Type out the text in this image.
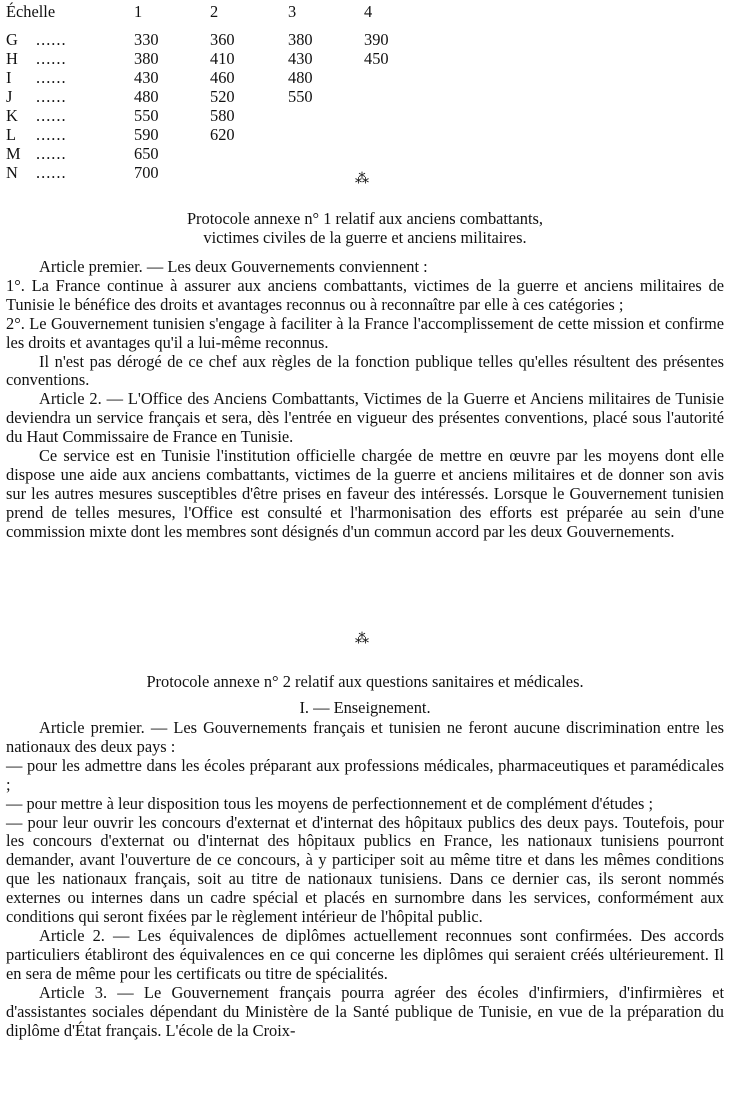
Échelle	1	2	3	4
G ......	330	360	380	390
H ......	380	410	430	450
I ......	430	460	480
J ......	480	520	550
K ......	550	580
L ......	590	620
M ......	650
N ......	700	⁂
Protocole annexe n° 1 relatif aux anciens combattants,
victimes civiles de la guerre et anciens militaires.

Article premier. — Les deux Gouvernements conviennent :

1°. La France continue à assurer aux anciens combattants, victimes de la guerre et anciens militaires de Tunisie le bénéfice des droits et avantages reconnus ou à reconnaître par elle à ces catégories ;

2°. Le Gouvernement tunisien s'engage à faciliter à la France l'accomplissement de cette mission et confirme les droits et avantages qu'il a lui-même reconnus.

Il n'est pas dérogé de ce chef aux règles de la fonction publique telles qu'elles résultent des présentes conventions.

Article 2. — L'Office des Anciens Combattants, Victimes de la Guerre et Anciens militaires de Tunisie deviendra un service français et sera, dès l'entrée en vigueur des présentes conventions, placé sous l'autorité du Haut Commissaire de France en Tunisie.

Ce service est en Tunisie l'institution officielle chargée de mettre en œuvre par les moyens dont elle dispose une aide aux anciens combattants, victimes de la guerre et anciens militaires et de donner son avis sur les autres mesures susceptibles d'être prises en faveur des intéressés. Lorsque le Gouvernement tunisien prend de telles mesures, l'Office est consulté et l'harmonisation des efforts est préparée au sein d'une commission mixte dont les membres sont désignés d'un commun accord par les deux Gouvernements.

⁂
Protocole annexe n° 2 relatif aux questions sanitaires et médicales.
I. — Enseignement.

Article premier. — Les Gouvernements français et tunisien ne feront aucune discrimination entre les nationaux des deux pays :

— pour les admettre dans les écoles préparant aux professions médicales, pharmaceutiques et paramédicales ;

— pour mettre à leur disposition tous les moyens de perfectionnement et de complément d'études ;

— pour leur ouvrir les concours d'externat et d'internat des hôpitaux publics des deux pays. Toutefois, pour les concours d'externat ou d'internat des hôpitaux publics en France, les nationaux tunisiens pourront demander, avant l'ouverture de ce concours, à y participer soit au même titre et dans les mêmes conditions que les nationaux français, soit au titre de nationaux tunisiens. Dans ce dernier cas, ils seront nommés externes ou internes dans un cadre spécial et placés en surnombre dans les services, conformément aux conditions qui seront fixées par le règlement intérieur de l'hôpital public.

Article 2. — Les équivalences de diplômes actuellement reconnues sont confirmées. Des accords particuliers établiront des équivalences en ce qui concerne les diplômes qui seraient créés ultérieurement. Il en sera de même pour les certificats ou titre de spécialités.

Article 3. — Le Gouvernement français pourra agréer des écoles d'infirmiers, d'infirmières et d'assistantes sociales dépendant du Ministère de la Santé publique de Tunisie, en vue de la préparation du diplôme d'État français. L'école de la Croix-
